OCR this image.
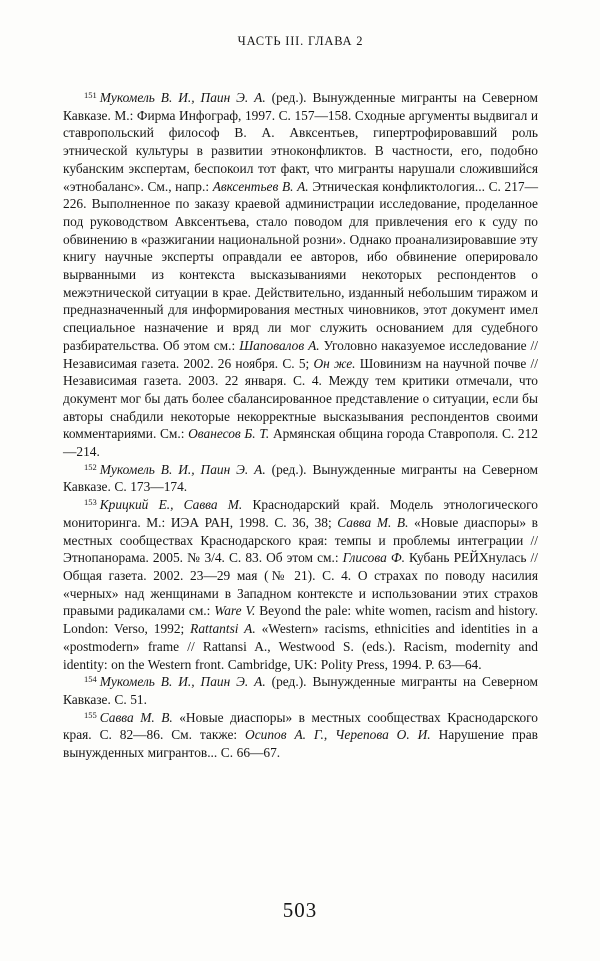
ЧАСТЬ III. ГЛАВА 2

$^{151}$ Мукомель В. И., Паин Э. А. (ред.). Вынужденные мигранты на Северном Кавказе. М.: Фирма Инфограф, 1997. С. 157—158. Сходные аргументы выдвигал и ставропольский философ В. А. Авксентьев, гипертрофировавший роль этнической культуры в развитии этноконфликтов. В частности, его, подобно кубанским экспертам, беспокоил тот факт, что мигранты нарушали сложившийся «этнобаланс». См., напр.: Авксентьев В. А. Этническая конфликтология... С. 217—226. Выполненное по заказу краевой администрации исследование, проделанное под руководством Авксентьева, стало поводом для привлечения его к суду по обвинению в «разжигании национальной розни». Однако проанализировавшие эту книгу научные эксперты оправдали ее авторов, ибо обвинение оперировало вырванными из контекста высказываниями некоторых респондентов о межэтнической ситуации в крае. Действительно, изданный небольшим тиражом и предназначенный для информирования местных чиновников, этот документ имел специальное назначение и вряд ли мог служить основанием для судебного разбирательства. Об этом см.: Шаповалов А. Уголовно наказуемое исследование // Независимая газета. 2002. 26 ноября. С. 5; Он же. Шовинизм на научной почве // Независимая газета. 2003. 22 января. С. 4. Между тем критики отмечали, что документ мог бы дать более сбалансированное представление о ситуации, если бы авторы снабдили некоторые некорректные высказывания респондентов своими комментариями. См.: Ованесов Б. Т. Армянская община города Ставрополя. С. 212—214.

$^{152}$ Мукомель В. И., Паин Э. А. (ред.). Вынужденные мигранты на Северном Кавказе. С. 173—174.

$^{153}$ Крицкий Е., Савва М. Краснодарский край. Модель этнологического мониторинга. М.: ИЭА РАН, 1998. С. 36, 38; Савва М. В. «Новые диаспоры» в местных сообществах Краснодарского края: темпы и проблемы интеграции // Этнопанорама. 2005. № 3/4. С. 83. Об этом см.: Глисова Ф. Кубань РЕЙХнулась // Общая газета. 2002. 23—29 мая (№ 21). С. 4. О страхах по поводу насилия «черных» над женщинами в Западном контексте и использовании этих страхов правыми радикалами см.: Ware V. Beyond the pale: white women, racism and history. London: Verso, 1992; Rattantsi A. «Western» racisms, ethnicities and identities in a «postmodern» frame // Rattansi A., Westwood S. (eds.). Racism, modernity and identity: on the Western front. Cambridge, UK: Polity Press, 1994. P. 63—64.

$^{154}$ Мукомель В. И., Паин Э. А. (ред.). Вынужденные мигранты на Северном Кавказе. С. 51.

$^{155}$ Савва М. В. «Новые диаспоры» в местных сообществах Краснодарского края. С. 82—86. См. также: Осипов А. Г., Черепова О. И. Нарушение прав вынужденных мигрантов... С. 66—67.

503
